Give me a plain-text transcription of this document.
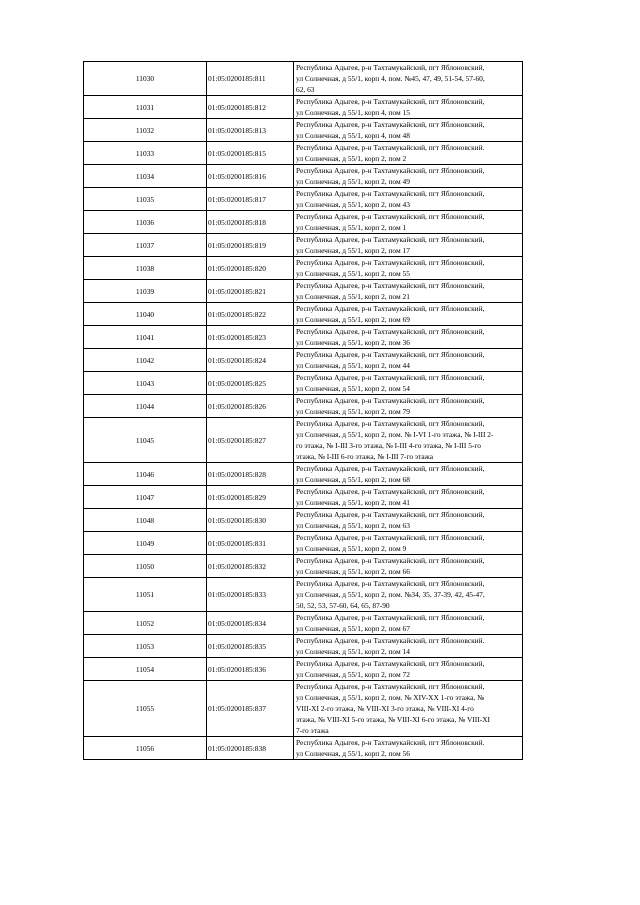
11030	01:05:0200185:811	Республика Адыгея, р-н Тахтамукайский, пгт Яблоновский,
ул Солнечная, д 55/1, корп 4, пом. №45, 47, 49, 51-54, 57-60,
62, 63

11031	01:05:0200185:812	Республика Адыгея, р-н Тахтамукайский, пгт Яблоновский,
ул Солнечная, д 55/1, корп 4, пом 15

11032	01:05:0200185:813	Республика Адыгея, р-н Тахтамукайский, пгт Яблоновский,
ул Солнечная, д 55/1, корп 4, пом 48

11033	01:05:0200185:815	Республика Адыгея, р-н Тахтамукайский, пгт Яблоновский.
ул Солнечная, д 55/1, корп 2, пом 2

11034	01:05:0200185:816	Республика Адыгея, р-н Тахтамукайский, пгт Яблоновский,
ул Солнечная, д 55/1, корп 2, пом 49

11035	01:05:0200185:817	Республика Адыгея, р-н Тахтамукайский, пгт Яблоновский,
ул Солнечная, д 55/1, корп 2, пом 43

11036	01:05:0200185:818	Республика Адыгея, р-н Тахтамукайский, пгт Яблоновский,
ул Солнечная, д 55/1, корп 2, пом 1

11037	01:05:0200185:819	Республика Адыгея, р-н Тахтамукайский, пгт Яблоновский,
ул Солнечная, д 55/1, корп 2, пом 17

11038	01:05:0200185:820	Республика Адыгея, р-н Тахтамукайский, пгт Яблоновский,
ул Солнечная, д 55/1, корп 2, пом 55

11039	01:05:0200185:821	Республика Адыгея, р-н Тахтамукайский, пгт Яблоновский,
ул Солнечная, д 55/1, корп 2, пом 21

11040	01:05:0200185:822	Республика Адыгея, р-н Тахтамукайский, пгт Яблоновский,
ул Солнечная, д 55/1, корп 2, пом 69

11041	01:05:0200185:823	Республика Адыгея, р-н Тахтамукайский, пгт Яблоновский,
ул Солнечная, д 55/1, корп 2, пом 36

11042	01:05:0200185:824	Республика Адыгея, р-н Тахтамукайский, пгт Яблоновский,
ул Солнечная, д 55/1, корп 2, пом 44

11043	01:05:0200185:825	Республика Адыгея, р-н Тахтамукайский, пгт Яблоновский,
ул Солнечная, д 55/1, корп 2, пом 54

11044	01:05:0200185:826	Республика Адыгея, р-н Тахтамукайский, пгт Яблоновский,
ул Солнечная, д 55/1, корп 2, пом 79

11045	01:05:0200185:827	Республика Адыгея, р-н Тахтамукайский, пгт Яблоновский,
ул Солнечная, д 55/1, корп 2, пом. № I-VI 1-го этажа, № I-III 2-
го этажа, № I-III 3-го этажа, № I-III 4-го этажа, № I-III 5-го
этажа, № I-III 6-го этажа, № I-III 7-го этажа

11046	01:05:0200185:828	Республика Адыгея, р-н Тахтамукайский, пгт Яблоновский,
ул Солнечная, д 55/1, корп 2, пом 68

11047	01:05:0200185:829	Республика Адыгея, р-н Тахтамукайский, пгт Яблоновский,
ул Солнечная, д 55/1, корп 2, пом 41

11048	01:05:0200185:830	Республика Адыгея, р-н Тахтамукайский, пгт Яблоновский,
ул Солнечная, д 55/1, корп 2, пом 63

11049	01:05:0200185:831	Республика Адыгея, р-н Тахтамукайский, пгт Яблоновский,
ул Солнечная, д 55/1, корп 2, пом 9

11050	01:05:0200185:832	Республика Адыгея, р-н Тахтамукайский, пгт Яблоновский,
ул Солнечная, д 55/1, корп 2, пом 66

11051	01:05:0200185:833	Республика Адыгея, р-н Тахтамукайский, пгт Яблоновский,
ул Солнечная, д 55/1, корп 2, пом. №34, 35, 37-39, 42, 45-47,
50, 52, 53, 57-60, 64, 65, 87-90

11052	01:05:0200185:834	Республика Адыгея, р-н Тахтамукайский, пгт Яблоновский,
ул Солнечная, д 55/1, корп 2, пом 67

11053	01:05:0200185:835	Республика Адыгея, р-н Тахтамукайский, пгт Яблоновский.
ул Солнечная, д 55/1, корп 2, пом 14

11054	01:05:0200185:836	Республика Адыгея, р-н Тахтамукайский, пгт Яблоновский,
ул Солнечная, д 55/1, корп 2, пом 72

11055	01:05:0200185:837	Республика Адыгея, р-н Тахтамукайский, пгт Яблоновский,
ул Солнечная, д 55/1, корп 2, пом. № XIV-XX 1-го этажа, №
VIII-XI 2-го этажа, № VIII-XI 3-го этажа, № VIII-XI 4-го
этажа, № VIII-XI 5-го этажа, № VIII-XI 6-го этажа, № VIII-XI
7-го этажа

11056	01:05:0200185:838	Республика Адыгея, р-н Тахтамукайский, пгт Яблоновский.
ул Солнечная, д 55/1, корп 2, пом 56
